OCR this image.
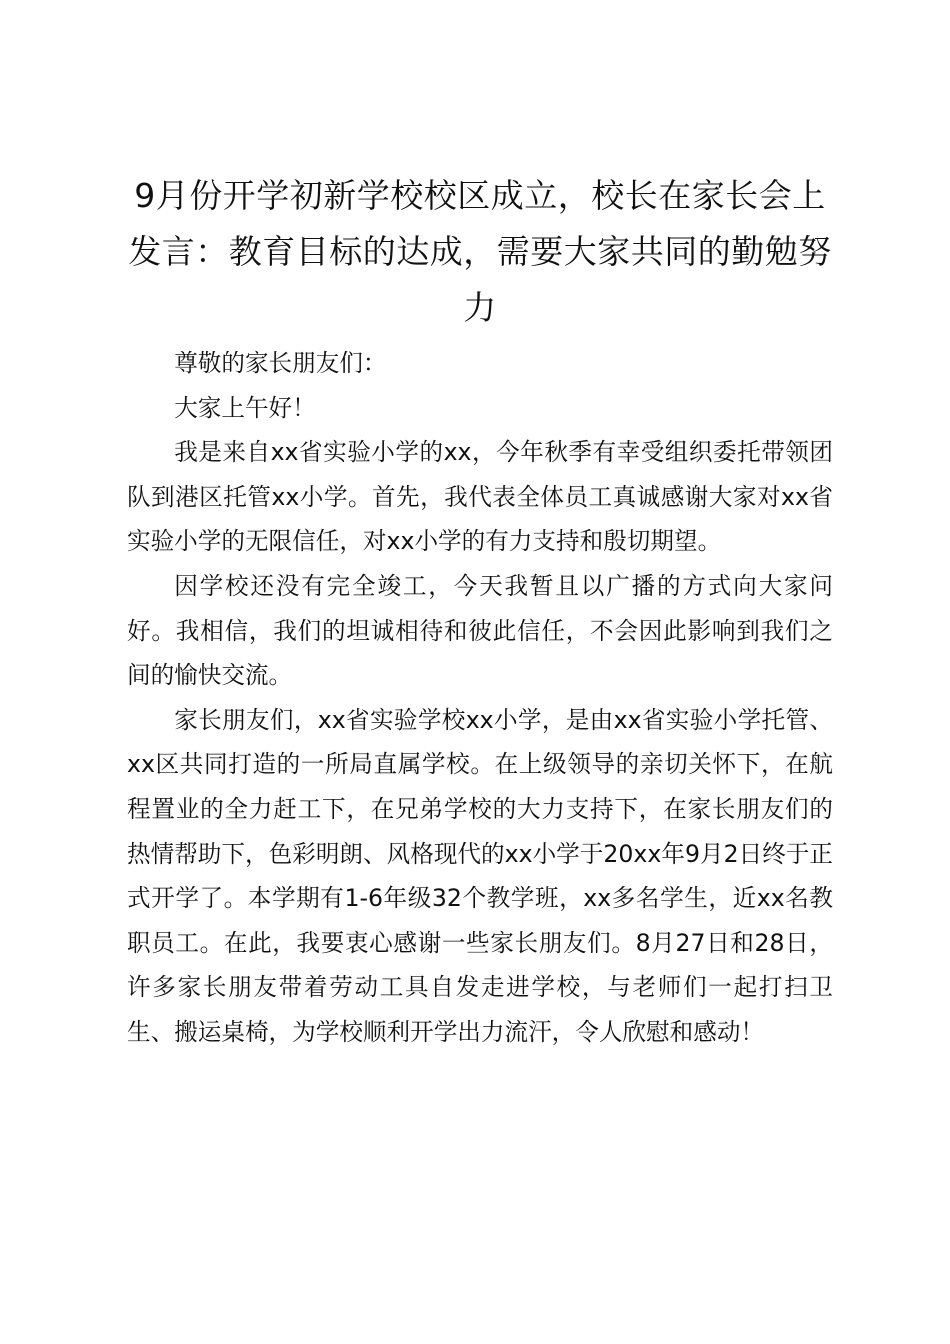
9月份开学初新学校校区成立，校长在家长会上发言：教育目标的达成，需要大家共同的勤勉努力

尊敬的家长朋友们：

大家上午好！

我是来自xx省实验小学的xx，今年秋季有幸受组织委托带领团队到港区托管xx小学。首先，我代表全体员工真诚感谢大家对xx省实验小学的无限信任，对xx小学的有力支持和殷切期望。

因学校还没有完全竣工，今天我暂且以广播的方式向大家问好。我相信，我们的坦诚相待和彼此信任，不会因此影响到我们之间的愉快交流。

家长朋友们，xx省实验学校xx小学，是由xx省实验小学托管、xx区共同打造的一所局直属学校。在上级领导的亲切关怀下，在航程置业的全力赶工下，在兄弟学校的大力支持下，在家长朋友们的热情帮助下，色彩明朗、风格现代的xx小学于20xx年9月2日终于正式开学了。本学期有1-6年级32个教学班，xx多名学生，近xx名教职员工。在此，我要衷心感谢一些家长朋友们。8月27日和28日，许多家长朋友带着劳动工具自发走进学校，与老师们一起打扫卫生、搬运桌椅，为学校顺利开学出力流汗，令人欣慰和感动！
